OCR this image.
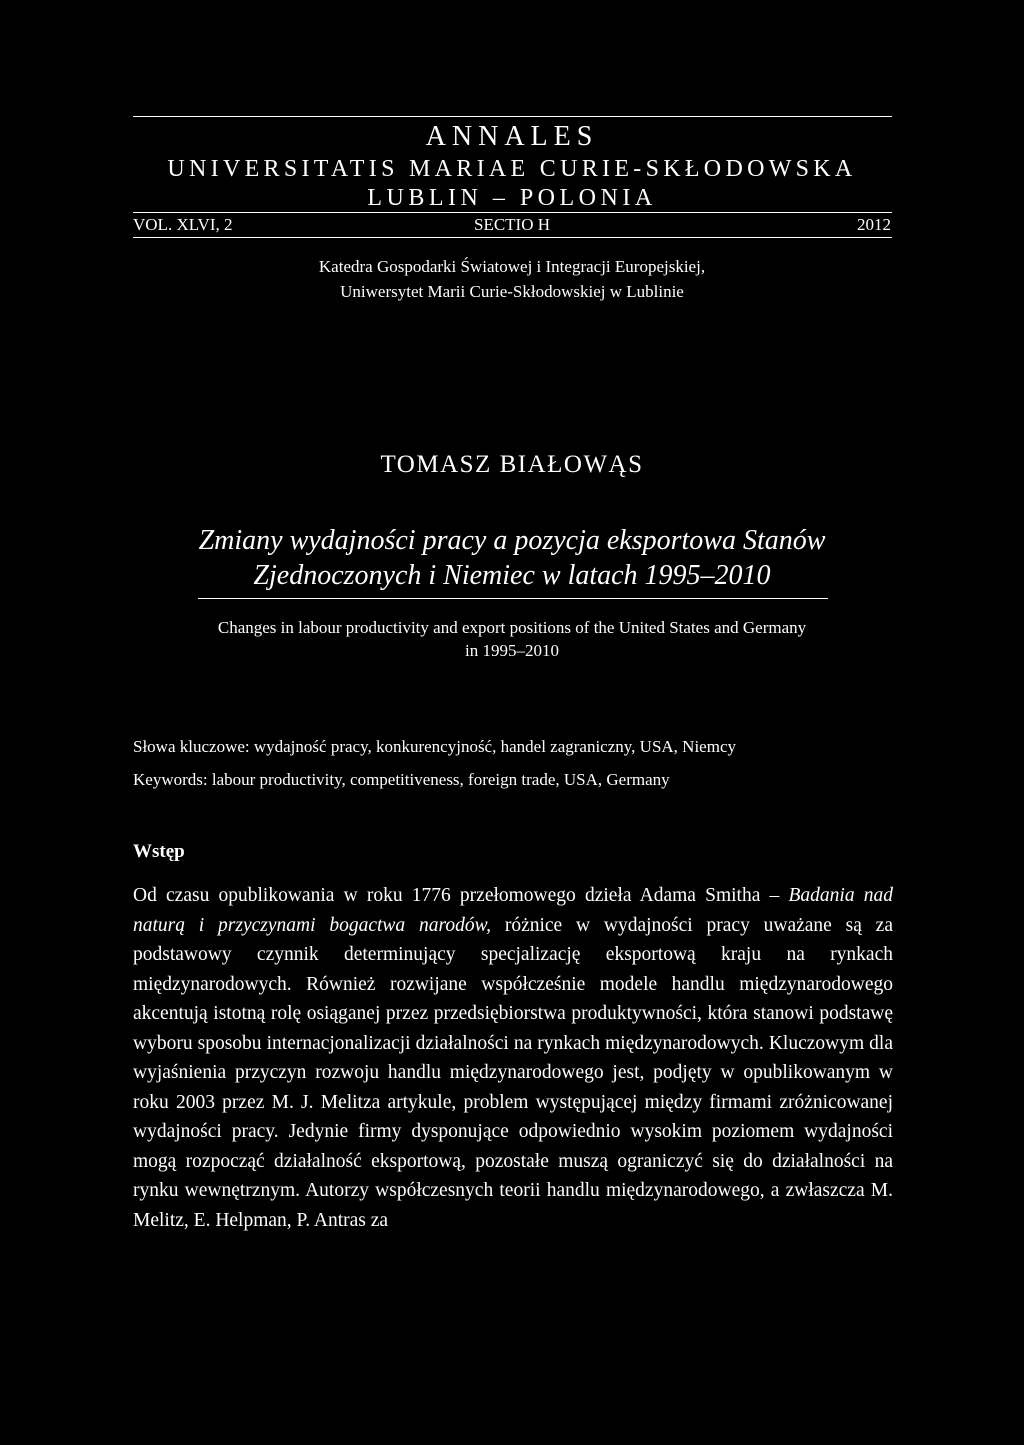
ANNALES
UNIVERSITATIS MARIAE CURIE-SKŁODOWSKA
LUBLIN – POLONIA
VOL. XLVI, 2	SECTIO H	2012
Katedra Gospodarki Światowej i Integracji Europejskiej,
Uniwersytet Marii Curie-Skłodowskiej w Lublinie
TOMASZ BIAŁOWĄS
Zmiany wydajności pracy a pozycja eksportowa Stanów
Zjednoczonych i Niemiec w latach 1995–2010
Changes in labour productivity and export positions of the United States and Germany
in 1995–2010
Słowa kluczowe: wydajność pracy, konkurencyjność, handel zagraniczny, USA, Niemcy
Keywords: labour productivity, competitiveness, foreign trade, USA, Germany
Wstęp
Od czasu opublikowania w roku 1776 przełomowego dzieła Adama Smitha – Badania nad naturą i przyczynami bogactwa narodów, różnice w wydajności pracy uważane są za podstawowy czynnik determinujący specjalizację eksportową kraju na rynkach międzynarodowych. Również rozwijane współcześnie modele handlu międzynarodowego akcentują istotną rolę osiąganej przez przedsiębiorstwa produktywności, która stanowi podstawę wyboru sposobu internacjonalizacji działalności na rynkach międzynarodowych. Kluczowym dla wyjaśnienia przyczyn rozwoju handlu międzynarodowego jest, podjęty w opublikowanym w roku 2003 przez M. J. Melitza artykule, problem występującej między firmami zróżnicowanej wydajności pracy. Jedynie firmy dysponujące odpowiednio wysokim poziomem wydajności mogą rozpocząć działalność eksportową, pozostałe muszą ograniczyć się do działalności na rynku wewnętrznym. Autorzy współczesnych teorii handlu międzynarodowego, a zwłaszcza M. Melitz, E. Helpman, P. Antras za
